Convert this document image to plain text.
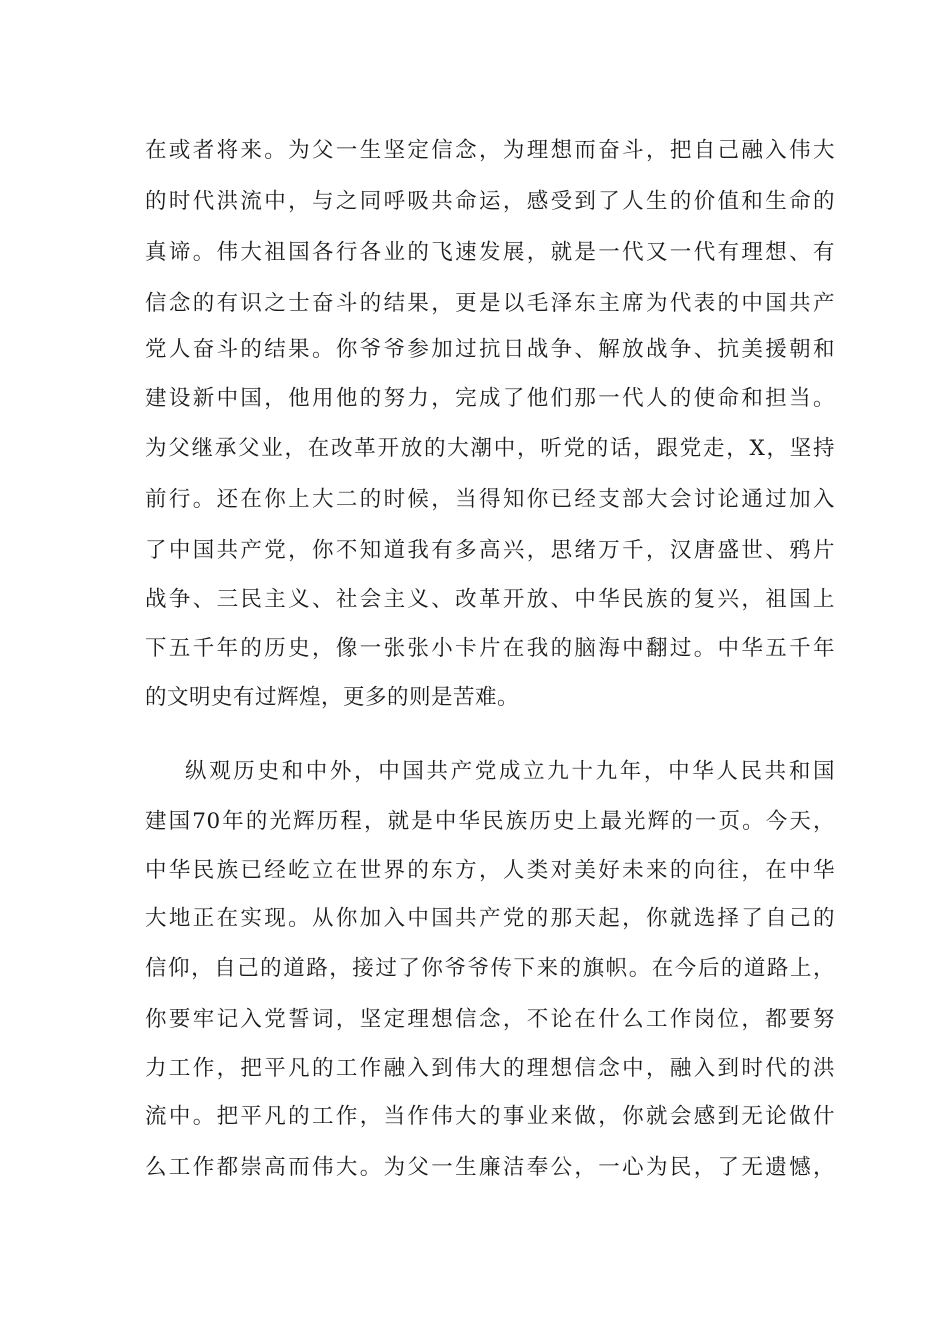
在或者将来。为父一生坚定信念，为理想而奋斗，把自己融入伟大
的时代洪流中，与之同呼吸共命运，感受到了人生的价值和生命的
真谛。伟大祖国各行各业的飞速发展，就是一代又一代有理想、有
信念的有识之士奋斗的结果，更是以毛泽东主席为代表的中国共产
党人奋斗的结果。你爷爷参加过抗日战争、解放战争、抗美援朝和
建设新中国，他用他的努力，完成了他们那一代人的使命和担当。
为父继承父业，在改革开放的大潮中，听党的话，跟党走，X，坚持
前行。还在你上大二的时候，当得知你已经支部大会讨论通过加入
了中国共产党，你不知道我有多高兴，思绪万千，汉唐盛世、鸦片
战争、三民主义、社会主义、改革开放、中华民族的复兴，祖国上
下五千年的历史，像一张张小卡片在我的脑海中翻过。中华五千年
的文明史有过辉煌，更多的则是苦难。
纵观历史和中外，中国共产党成立九十九年，中华人民共和国
建国70年的光辉历程，就是中华民族历史上最光辉的一页。今天，
中华民族已经屹立在世界的东方，人类对美好未来的向往，在中华
大地正在实现。从你加入中国共产党的那天起，你就选择了自己的
信仰，自己的道路，接过了你爷爷传下来的旗帜。在今后的道路上，
你要牢记入党誓词，坚定理想信念，不论在什么工作岗位，都要努
力工作，把平凡的工作融入到伟大的理想信念中，融入到时代的洪
流中。把平凡的工作，当作伟大的事业来做，你就会感到无论做什
么工作都崇高而伟大。为父一生廉洁奉公，一心为民，了无遗憾，
